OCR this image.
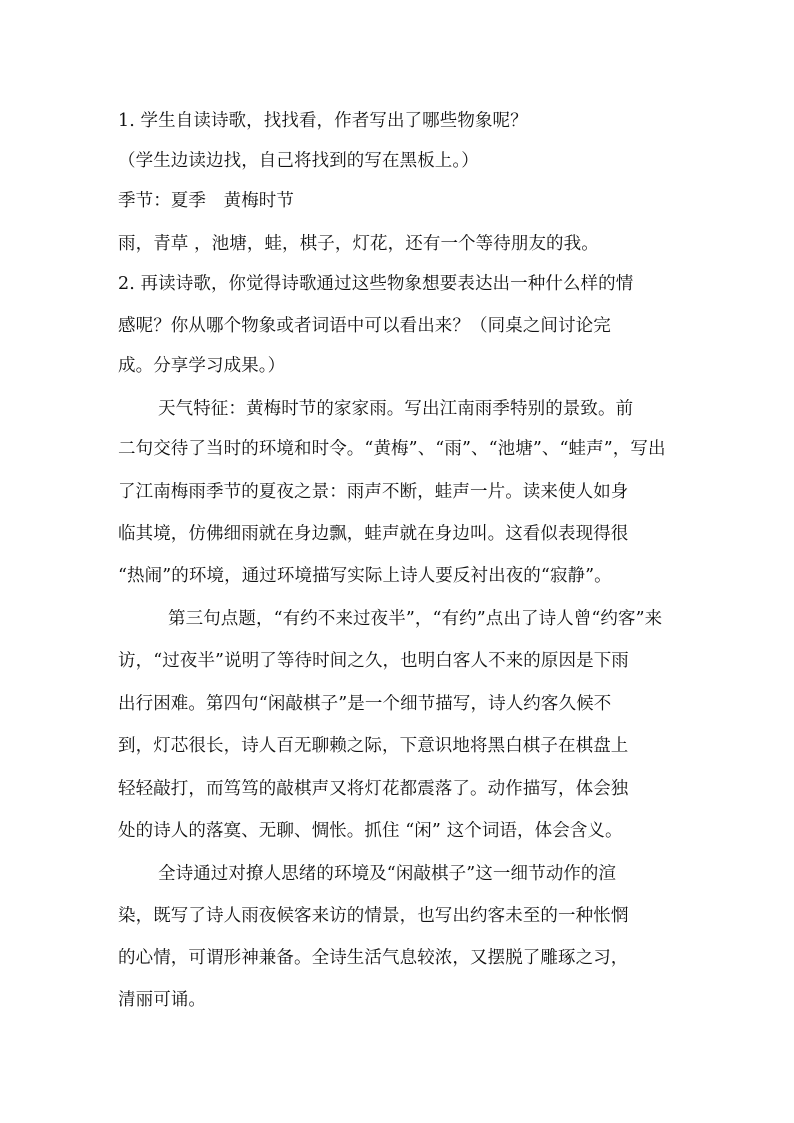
1. 学生自读诗歌，找找看，作者写出了哪些物象呢？
（学生边读边找，自己将找到的写在黑板上。）
季节：夏季　黄梅时节
雨，青草 ，池塘，蛙，棋子，灯花，还有一个等待朋友的我。
2. 再读诗歌，你觉得诗歌通过这些物象想要表达出一种什么样的情
感呢？你从哪个物象或者词语中可以看出来？（同桌之间讨论完
成。分享学习成果。）
天气特征：黄梅时节的家家雨。写出江南雨季特别的景致。前
二句交待了当时的环境和时令。“黄梅”、“雨”、“池塘”、“蛙声”，写出
了江南梅雨季节的夏夜之景：雨声不断，蛙声一片。读来使人如身
临其境，仿佛细雨就在身边飘，蛙声就在身边叫。这看似表现得很
“热闹”的环境，通过环境描写实际上诗人要反衬出夜的“寂静”。
第三句点题，“有约不来过夜半”，“有约”点出了诗人曾“约客”来
访，“过夜半”说明了等待时间之久，也明白客人不来的原因是下雨
出行困难。第四句“闲敲棋子”是一个细节描写，诗人约客久候不
到，灯芯很长，诗人百无聊赖之际，下意识地将黑白棋子在棋盘上
轻轻敲打，而笃笃的敲棋声又将灯花都震落了。动作描写，体会独
处的诗人的落寞、无聊、惆怅。抓住 “闲” 这个词语，体会含义。
全诗通过对撩人思绪的环境及“闲敲棋子”这一细节动作的渲
染，既写了诗人雨夜候客来访的情景，也写出约客未至的一种怅惘
的心情，可谓形神兼备。全诗生活气息较浓，又摆脱了雕琢之习，
清丽可诵。
